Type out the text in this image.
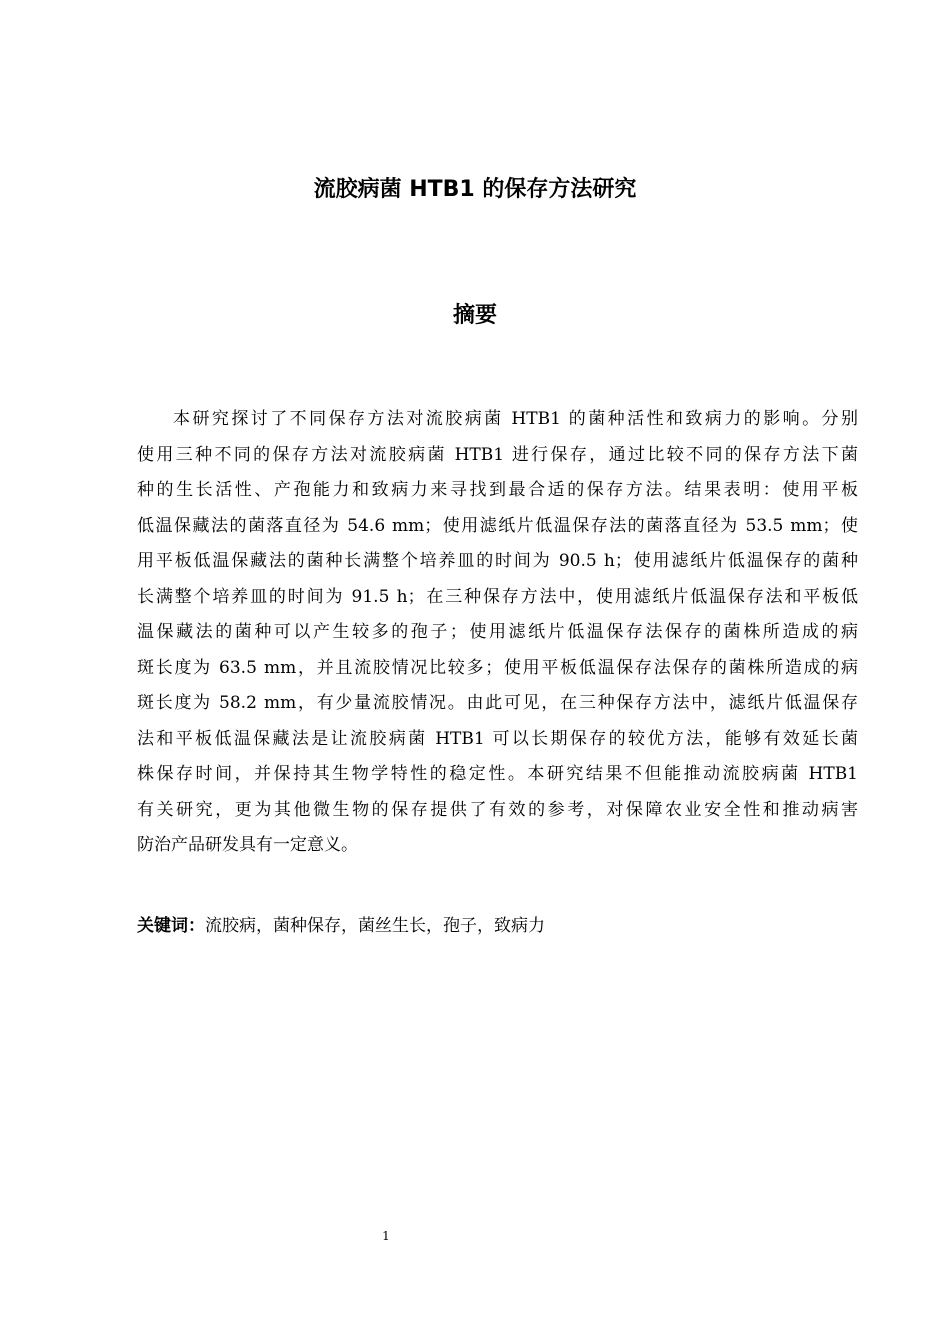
流胶病菌 HTB1 的保存方法研究
摘要
本研究探讨了不同保存方法对流胶病菌 HTB1 的菌种活性和致病力的影响。分别
使用三种不同的保存方法对流胶病菌 HTB1 进行保存，通过比较不同的保存方法下菌
种的生长活性、产孢能力和致病力来寻找到最合适的保存方法。结果表明：使用平板
低温保藏法的菌落直径为 54.6 mm；使用滤纸片低温保存法的菌落直径为 53.5 mm；使
用平板低温保藏法的菌种长满整个培养皿的时间为 90.5 h；使用滤纸片低温保存的菌种
长满整个培养皿的时间为 91.5 h；在三种保存方法中，使用滤纸片低温保存法和平板低
温保藏法的菌种可以产生较多的孢子；使用滤纸片低温保存法保存的菌株所造成的病
斑长度为 63.5 mm，并且流胶情况比较多；使用平板低温保存法保存的菌株所造成的病
斑长度为 58.2 mm，有少量流胶情况。由此可见，在三种保存方法中，滤纸片低温保存
法和平板低温保藏法是让流胶病菌 HTB1 可以长期保存的较优方法，能够有效延长菌
株保存时间，并保持其生物学特性的稳定性。本研究结果不但能推动流胶病菌 HTB1
有关研究，更为其他微生物的保存提供了有效的参考，对保障农业安全性和推动病害
防治产品研发具有一定意义。
关键词：流胶病，菌种保存，菌丝生长，孢子，致病力
1
